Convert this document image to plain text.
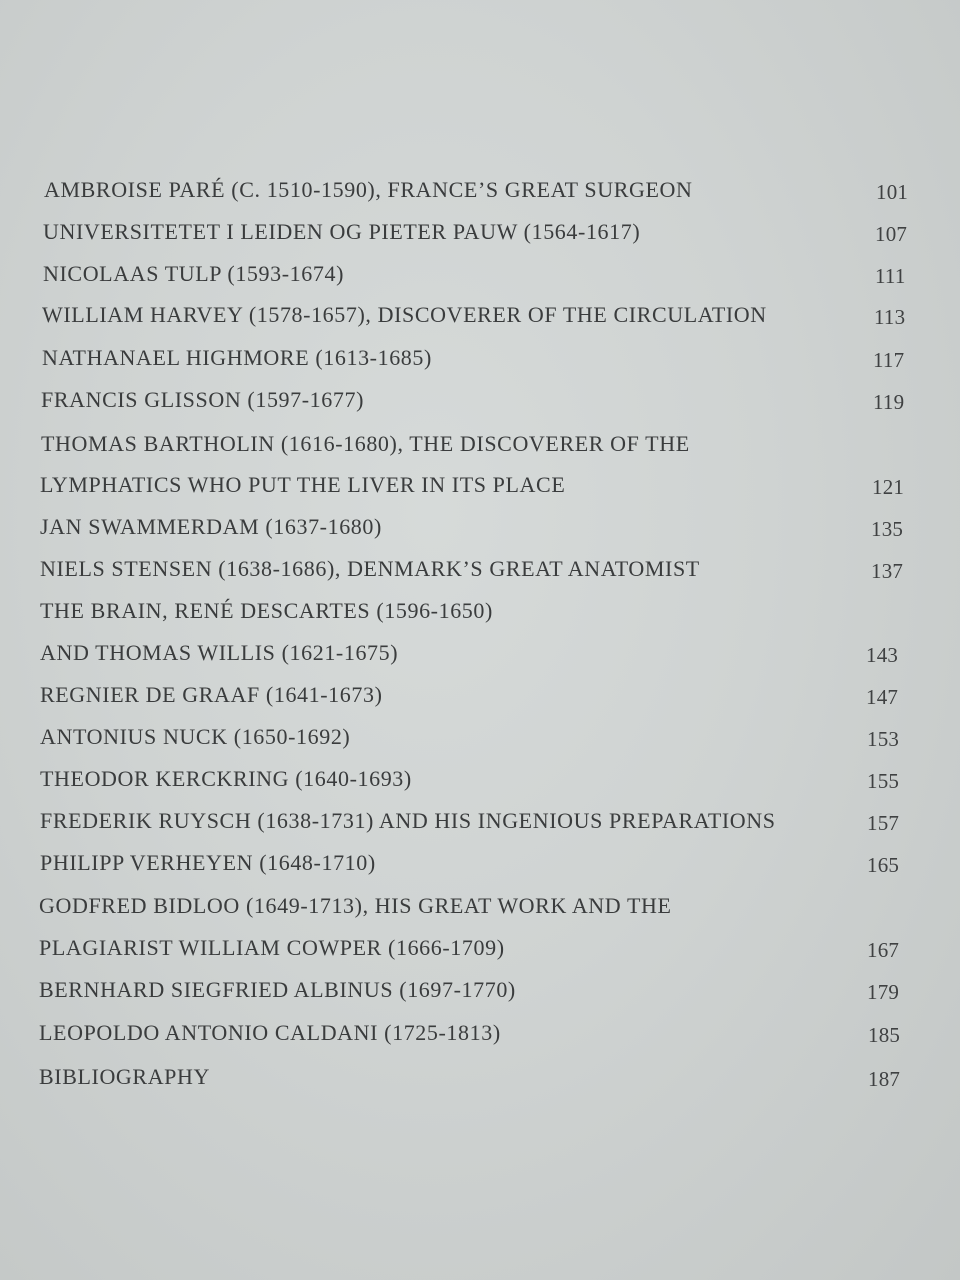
AMBROISE PARÉ (C. 1510-1590), FRANCE’S GREAT SURGEON	101
UNIVERSITETET I LEIDEN OG PIETER PAUW (1564-1617)	107
NICOLAAS TULP (1593-1674)	111
WILLIAM HARVEY (1578-1657), DISCOVERER OF THE CIRCULATION	113
NATHANAEL HIGHMORE (1613-1685)	117
FRANCIS GLISSON (1597-1677)	119
THOMAS BARTHOLIN (1616-1680), THE DISCOVERER OF THE
LYMPHATICS WHO PUT THE LIVER IN ITS PLACE	121
JAN SWAMMERDAM (1637-1680)	135
NIELS STENSEN (1638-1686), DENMARK’S GREAT ANATOMIST	137
THE BRAIN, RENÉ DESCARTES (1596-1650)
AND THOMAS WILLIS (1621-1675)	143
REGNIER DE GRAAF (1641-1673)	147
ANTONIUS NUCK (1650-1692)	153
THEODOR KERCKRING (1640-1693)	155
FREDERIK RUYSCH (1638-1731) AND HIS INGENIOUS PREPARATIONS	157
PHILIPP VERHEYEN (1648-1710)	165
GODFRED BIDLOO (1649-1713), HIS GREAT WORK AND THE
PLAGIARIST WILLIAM COWPER (1666-1709)	167
BERNHARD SIEGFRIED ALBINUS (1697-1770)	179
LEOPOLDO ANTONIO CALDANI (1725-1813)	185
BIBLIOGRAPHY	187
